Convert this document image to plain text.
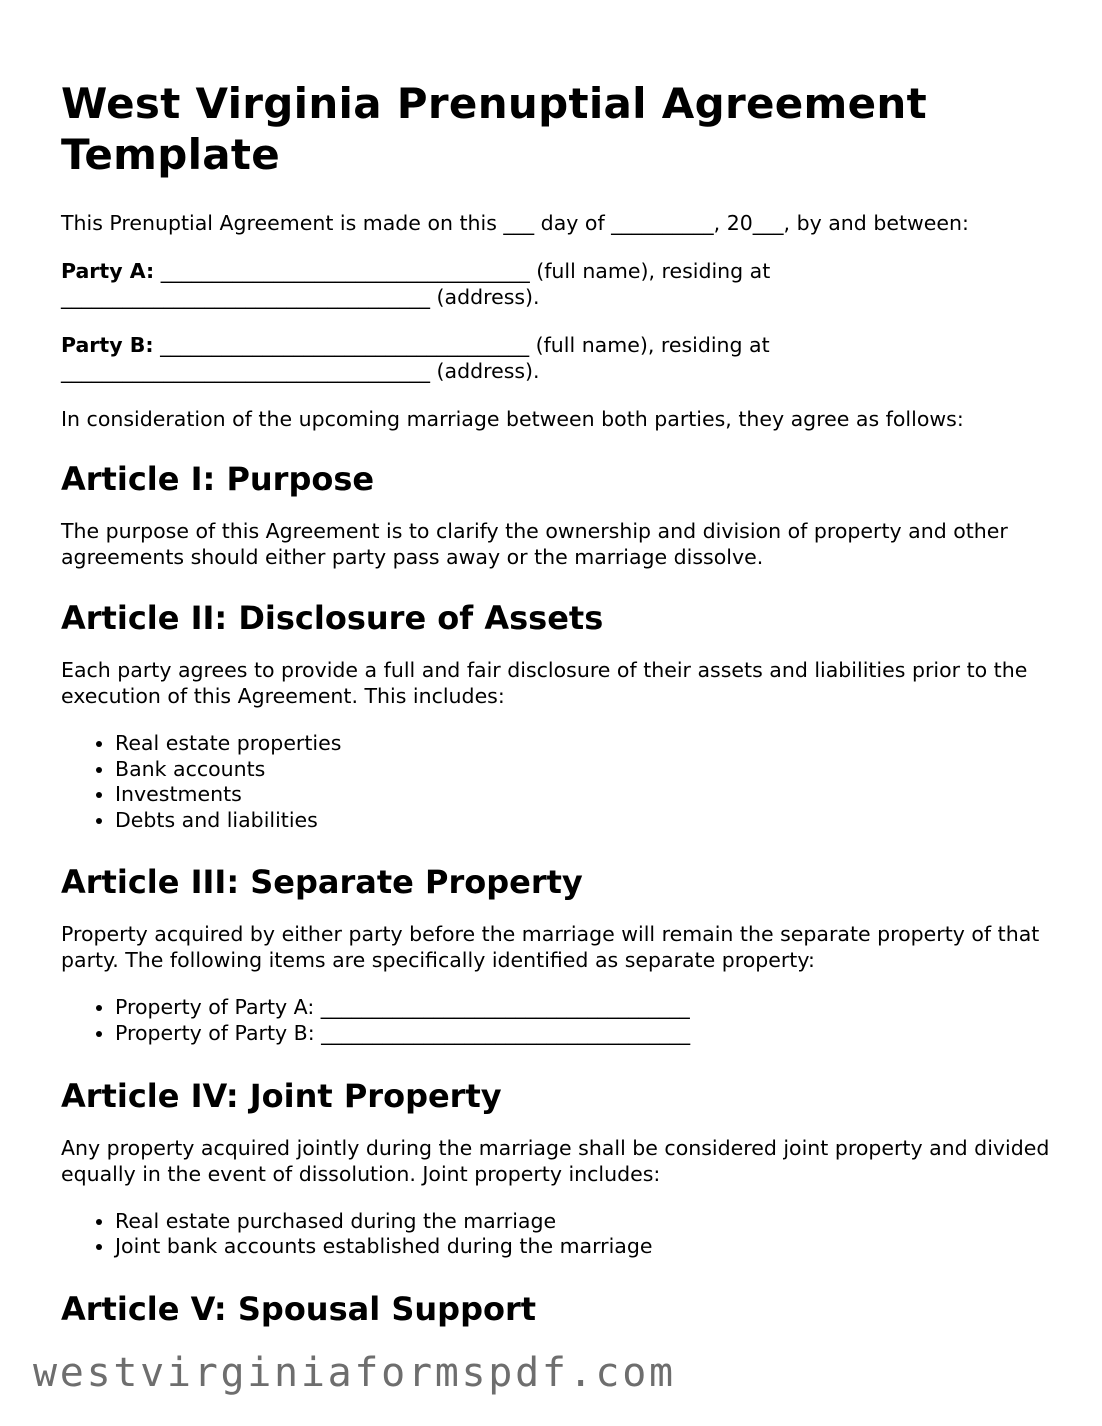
West Virginia Prenuptial Agreement Template

This Prenuptial Agreement is made on this ___ day of __________, 20___, by and between:

Party A: ____________________________________ (full name), residing at
____________________________________ (address).

Party B: ____________________________________ (full name), residing at
____________________________________ (address).

In consideration of the upcoming marriage between both parties, they agree as follows:

Article I: Purpose

The purpose of this Agreement is to clarify the ownership and division of property and other agreements should either party pass away or the marriage dissolve.

Article II: Disclosure of Assets

Each party agrees to provide a full and fair disclosure of their assets and liabilities prior to the execution of this Agreement. This includes:

• Real estate properties
• Bank accounts
• Investments
• Debts and liabilities
Article III: Separate Property

Property acquired by either party before the marriage will remain the separate property of that party. The following items are specifically identified as separate property:

• Property of Party A: ____________________________________
• Property of Party B: ____________________________________
Article IV: Joint Property

Any property acquired jointly during the marriage shall be considered joint property and divided equally in the event of dissolution. Joint property includes:

• Real estate purchased during the marriage
• Joint bank accounts established during the marriage
Article V: Spousal Support
westvirginiaformspdf.com
